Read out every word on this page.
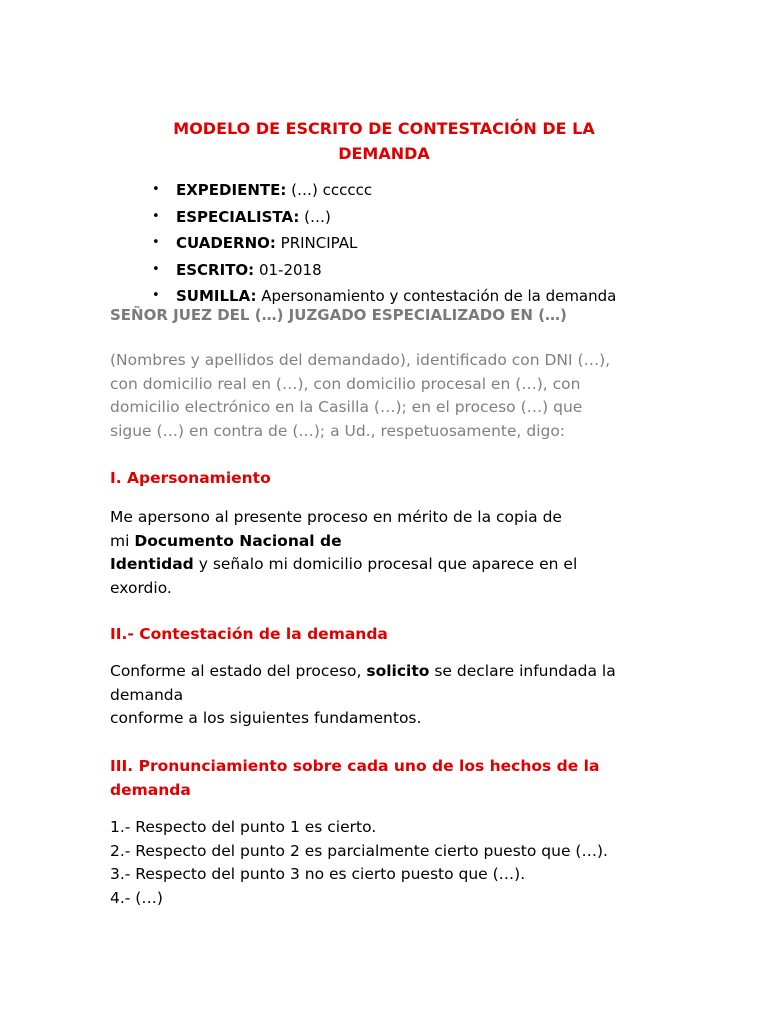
MODELO DE ESCRITO DE CONTESTACIÓN DE LA
DEMANDA
• EXPEDIENTE: (…) cccccc
• ESPECIALISTA: (…)
• CUADERNO: PRINCIPAL
• ESCRITO: 01-2018
• SUMILLA: Apersonamiento y contestación de la demanda
SEÑOR JUEZ DEL (…) JUZGADO ESPECIALIZADO EN (…)
(Nombres y apellidos del demandado), identificado con DNI (…),
con domicilio real en (…), con domicilio procesal en (…), con
domicilio electrónico en la Casilla (…); en el proceso (…) que
sigue (…) en contra de (…); a Ud., respetuosamente, digo:
I. Apersonamiento
Me apersono al presente proceso en mérito de la copia de
mi Documento Nacional de
Identidad y señalo mi domicilio procesal que aparece en el
exordio.
II.- Contestación de la demanda
Conforme al estado del proceso, solicito se declare infundada la
demanda
conforme a los siguientes fundamentos.
III. Pronunciamiento sobre cada uno de los hechos de la
demanda
1.- Respecto del punto 1 es cierto.
2.- Respecto del punto 2 es parcialmente cierto puesto que (…).
3.- Respecto del punto 3 no es cierto puesto que (…).
4.- (…)
